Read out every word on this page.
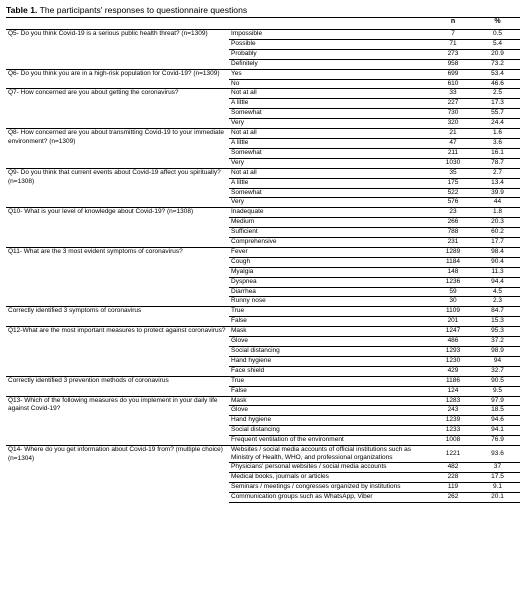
Table 1. The participants' responses to questionnaire questions
		n	%
Q5- Do you think Covid-19 is a serious public health threat? (n=1309)	Impossible	7	0.5

	Possible	71	5.4
	Probably	273	20.9
	Definitely	958	73.2
Q6- Do you think you are in a high-risk population for Covid-19? (n=1309)	Yes	699	53.4
	No	610	46.6
Q7- How concerned are you about getting the coronavirus?	Not at all	33	2.5
	A little	227	17.3
	Somewhat	730	55.7
	Very	320	24.4
Q8- How concerned are you about transmitting Covid-19 to your immediate environment? (n=1309)	Not at all	21	1.6
	A little	47	3.6
	Somewhat	211	16.1
	Very	1030	78.7
Q9- Do you think that current events about Covid-19 affect you spiritually? (n=1308)	Not at all	35	2.7
	A little	175	13.4
	Somewhat	522	39.9
	Very	576	44
Q10- What is your level of knowledge about Covid-19? (n=1308)	Inadequate	23	1.8
	Medium	266	20.3
	Sufficient	788	60.2
	Comprehensive	231	17.7
Q11- What are the 3 most evident symptoms of coronavirus?	Fever	1289	98.4
	Cough	1184	90.4
	Myalgia	148	11.3
	Dyspnea	1236	94.4
	Diarrhea	59	4.5
	Runny nose	30	2.3
Correctly identified 3 symptoms of coronavirus	True	1109	84.7
	False	201	15.3
Q12-What are the most important measures to protect against coronavirus?	Mask	1247	95.3
	Glove	486	37.2
	Social distancing	1293	98.9
	Hand hygiene	1230	94
	Face shield	429	32.7
Correctly identified 3 prevention methods of coronavirus	True	1186	90.5
	False	124	9.5
Q13- Which of the following measures do you implement in your daily life against Covid-19?	Mask	1283	97.9
	Glove	243	18.5
	Hand hygiene	1239	94.6
	Social distancing	1233	94.1
	Frequent ventilation of the environment	1008	76.9
Q14- Where do you get information about Covid-19 from? (multiple choice) (n=1304)	Websites / social media accounts of official institutions such as Ministry of Health, WHO, and professional organizations	1221	93.6
	Physicians' personal websites / social media accounts	482	37
	Medical books, journals or articles	228	17.5
	Seminars / meetings / congresses organized by institutions	119	9.1
	Communication groups such as WhatsApp, Viber	262	20.1
